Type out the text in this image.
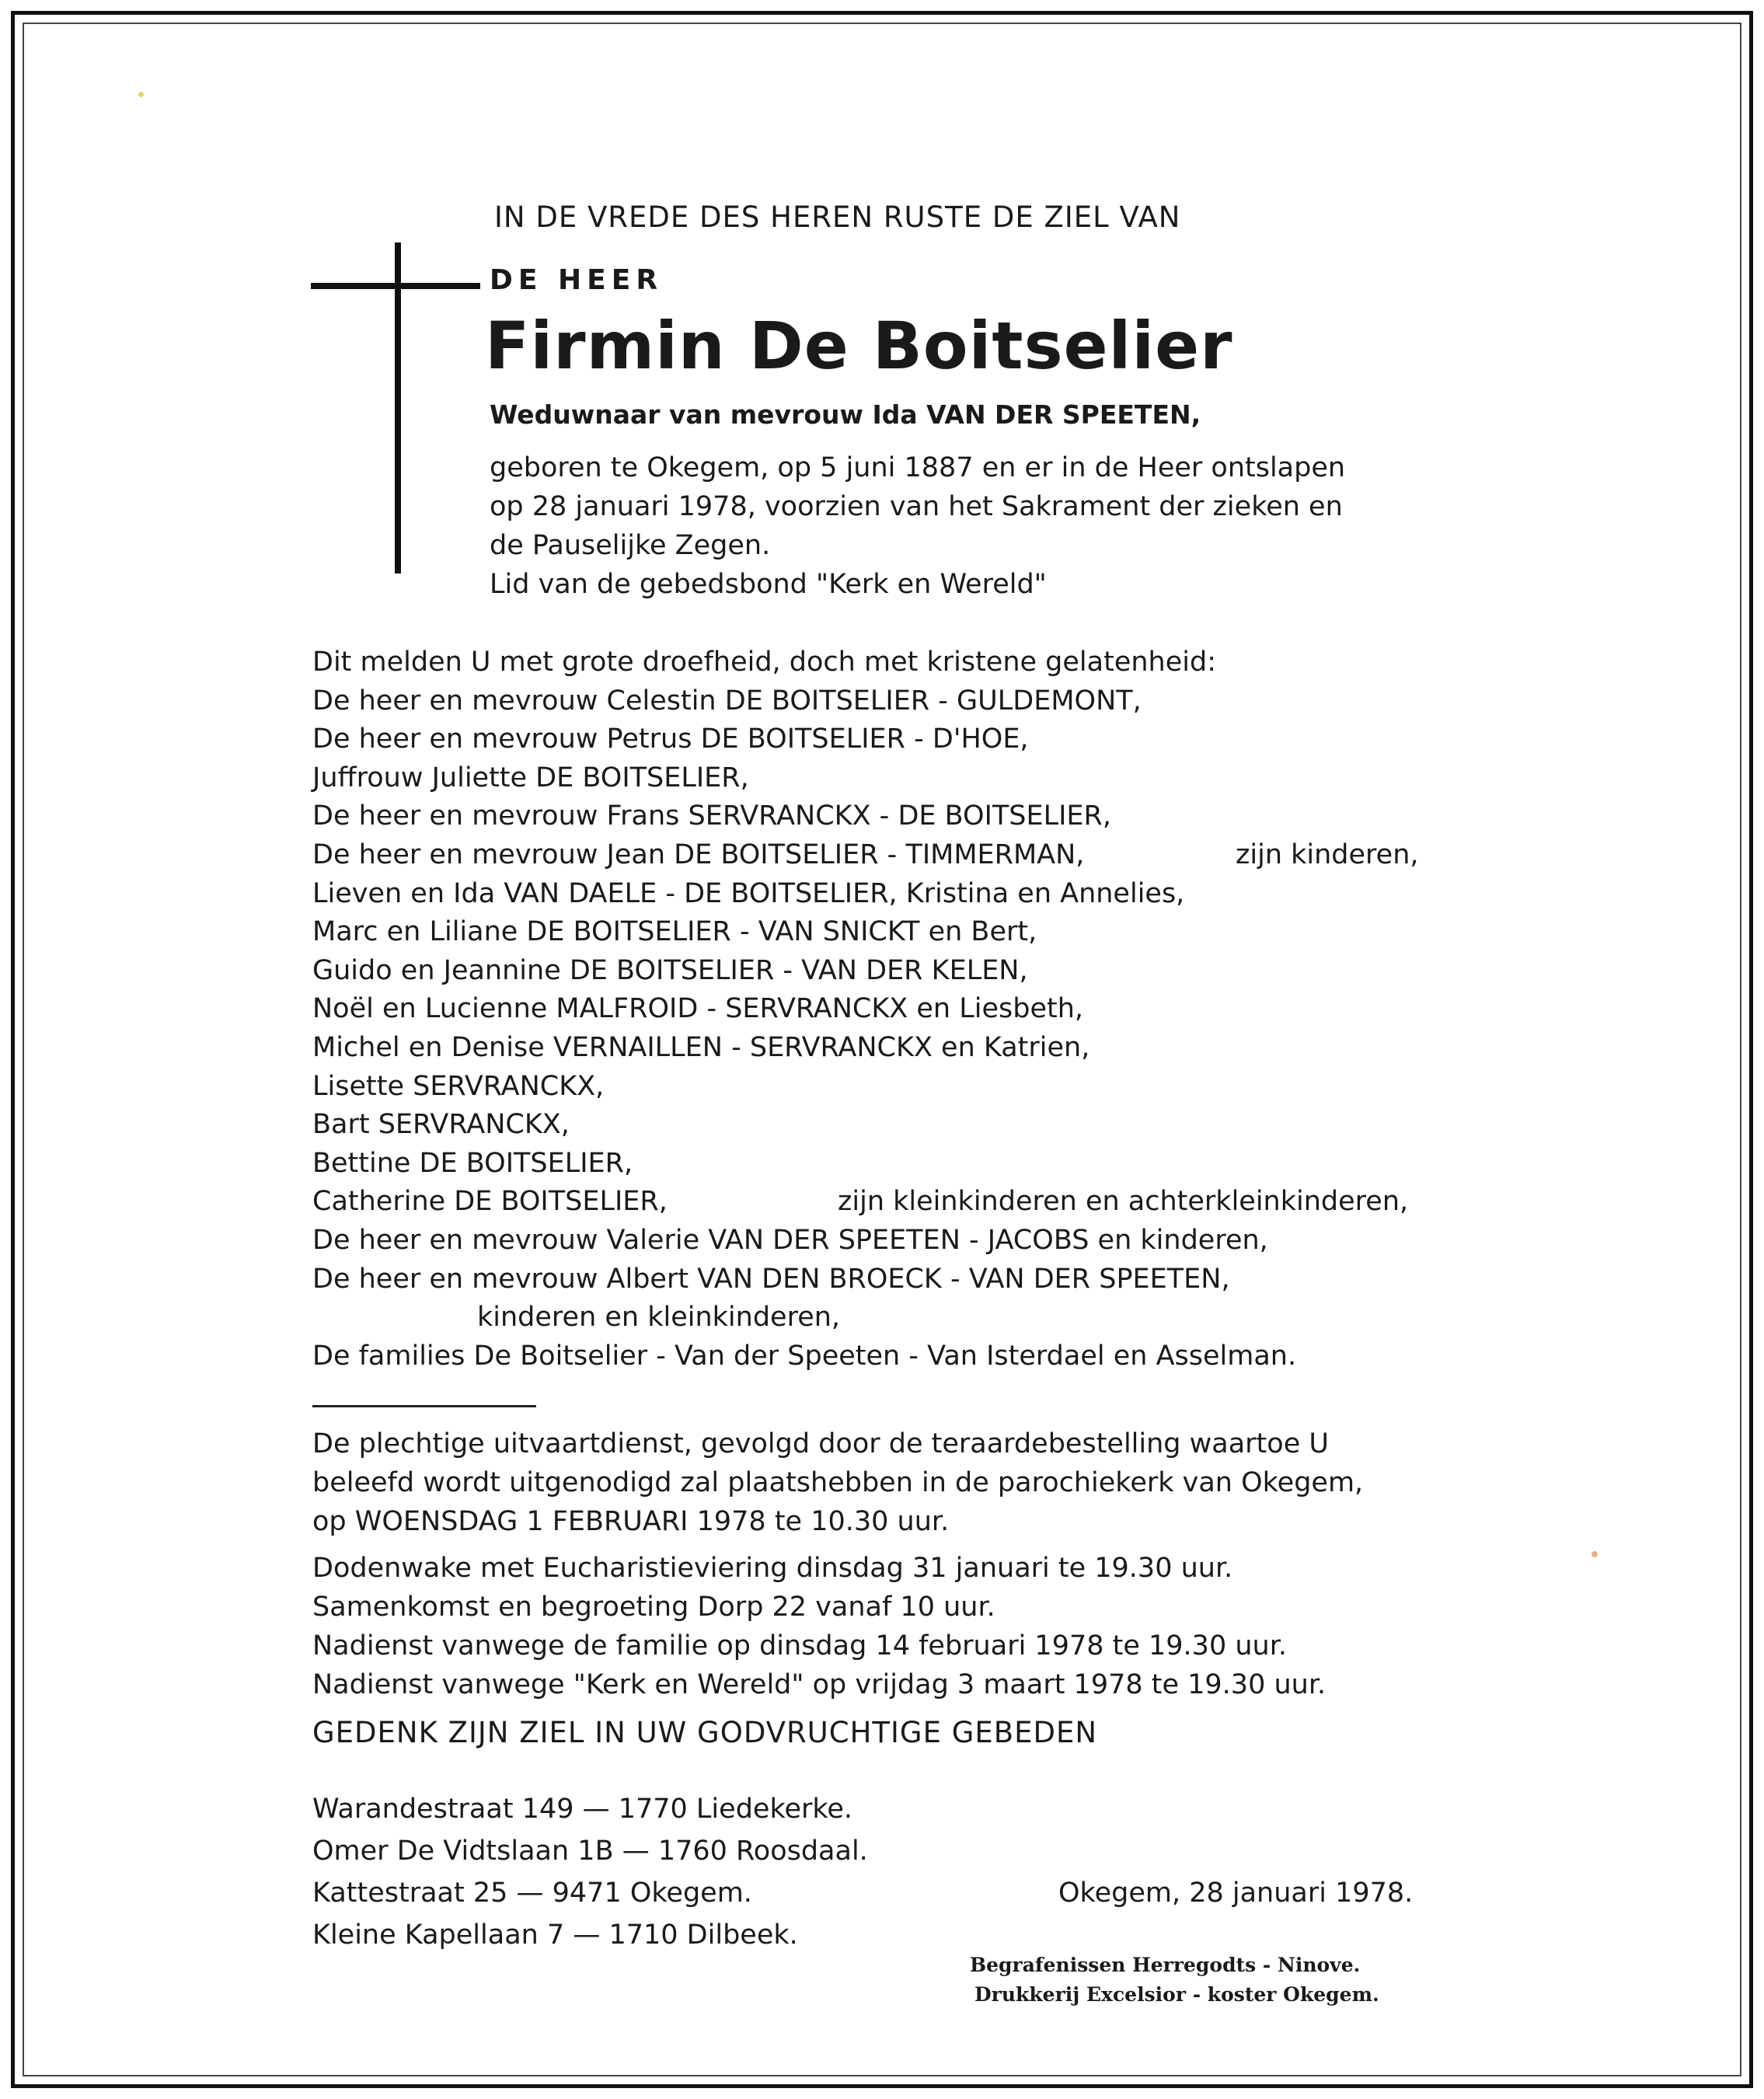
IN DE VREDE DES HEREN RUSTE DE ZIEL VAN
DE HEER
Firmin De Boitselier
Weduwnaar van mevrouw Ida VAN DER SPEETEN,
geboren te Okegem, op 5 juni 1887 en er in de Heer ontslapen
op 28 januari 1978, voorzien van het Sakrament der zieken en
de Pauselijke Zegen.
Lid van de gebedsbond "Kerk en Wereld"
Dit melden U met grote droefheid, doch met kristene gelatenheid:
De heer en mevrouw Celestin DE BOITSELIER - GULDEMONT,
De heer en mevrouw Petrus DE BOITSELIER - D'HOE,
Juffrouw Juliette DE BOITSELIER,
De heer en mevrouw Frans SERVRANCKX - DE BOITSELIER,
De heer en mevrouw Jean DE BOITSELIER - TIMMERMAN,	zijn kinderen,
Lieven en Ida VAN DAELE - DE BOITSELIER, Kristina en Annelies,
Marc en Liliane DE BOITSELIER - VAN SNICKT en Bert,
Guido en Jeannine DE BOITSELIER - VAN DER KELEN,
Noël en Lucienne MALFROID - SERVRANCKX en Liesbeth,
Michel en Denise VERNAILLEN - SERVRANCKX en Katrien,
Lisette SERVRANCKX,
Bart SERVRANCKX,
Bettine DE BOITSELIER,
Catherine DE BOITSELIER,	zijn kleinkinderen en achterkleinkinderen,
De heer en mevrouw Valerie VAN DER SPEETEN - JACOBS en kinderen,
De heer en mevrouw Albert VAN DEN BROECK - VAN DER SPEETEN,
kinderen en kleinkinderen,
De families De Boitselier - Van der Speeten - Van Isterdael en Asselman.
De plechtige uitvaartdienst, gevolgd door de teraardebestelling waartoe U
beleefd wordt uitgenodigd zal plaatshebben in de parochiekerk van Okegem,
op WOENSDAG 1 FEBRUARI 1978 te 10.30 uur.
Dodenwake met Eucharistieviering dinsdag 31 januari te 19.30 uur.
Samenkomst en begroeting Dorp 22 vanaf 10 uur.
Nadienst vanwege de familie op dinsdag 14 februari 1978 te 19.30 uur.
Nadienst vanwege "Kerk en Wereld" op vrijdag 3 maart 1978 te 19.30 uur.
GEDENK ZIJN ZIEL IN UW GODVRUCHTIGE GEBEDEN
Warandestraat 149 — 1770 Liedekerke.
Omer De Vidtslaan 1B — 1760 Roosdaal.
Kattestraat 25 — 9471 Okegem.
Kleine Kapellaan 7 — 1710 Dilbeek.
Okegem, 28 januari 1978.
Begrafenissen Herregodts - Ninove.
Drukkerij Excelsior - koster Okegem.
